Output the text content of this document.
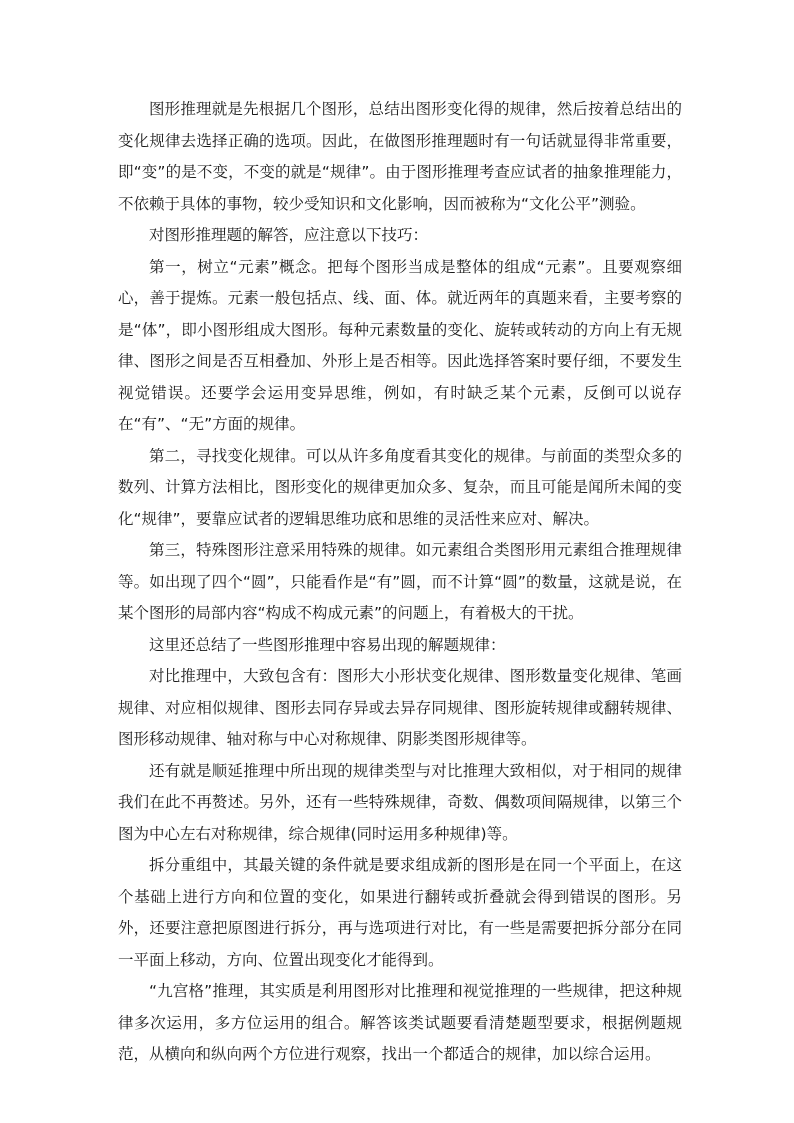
图形推理就是先根据几个图形，总结出图形变化得的规律，然后按着总结出的变化规律去选择正确的选项。因此，在做图形推理题时有一句话就显得非常重要，即“变”的是不变，不变的就是“规律”。由于图形推理考查应试者的抽象推理能力，不依赖于具体的事物，较少受知识和文化影响，因而被称为“文化公平”测验。

对图形推理题的解答，应注意以下技巧：

第一，树立“元素”概念。把每个图形当成是整体的组成“元素”。且要观察细心，善于提炼。元素一般包括点、线、面、体。就近两年的真题来看，主要考察的是“体”，即小图形组成大图形。每种元素数量的变化、旋转或转动的方向上有无规律、图形之间是否互相叠加、外形上是否相等。因此选择答案时要仔细，不要发生视觉错误。还要学会运用变异思维，例如，有时缺乏某个元素，反倒可以说存在“有”、“无”方面的规律。

第二，寻找变化规律。可以从许多角度看其变化的规律。与前面的类型众多的数列、计算方法相比，图形变化的规律更加众多、复杂，而且可能是闻所未闻的变化“规律”，要靠应试者的逻辑思维功底和思维的灵活性来应对、解决。

第三，特殊图形注意采用特殊的规律。如元素组合类图形用元素组合推理规律等。如出现了四个“圆”，只能看作是“有”圆，而不计算“圆”的数量，这就是说，在某个图形的局部内容“构成不构成元素”的问题上，有着极大的干扰。

这里还总结了一些图形推理中容易出现的解题规律：

对比推理中，大致包含有：图形大小形状变化规律、图形数量变化规律、笔画规律、对应相似规律、图形去同存异或去异存同规律、图形旋转规律或翻转规律、图形移动规律、轴对称与中心对称规律、阴影类图形规律等。

还有就是顺延推理中所出现的规律类型与对比推理大致相似，对于相同的规律我们在此不再赘述。另外，还有一些特殊规律，奇数、偶数项间隔规律，以第三个图为中心左右对称规律，综合规律(同时运用多种规律)等。

拆分重组中，其最关键的条件就是要求组成新的图形是在同一个平面上，在这个基础上进行方向和位置的变化，如果进行翻转或折叠就会得到错误的图形。另外，还要注意把原图进行拆分，再与选项进行对比，有一些是需要把拆分部分在同一平面上移动，方向、位置出现变化才能得到。

“九宫格”推理，其实质是利用图形对比推理和视觉推理的一些规律，把这种规律多次运用，多方位运用的组合。解答该类试题要看清楚题型要求，根据例题规范，从横向和纵向两个方位进行观察，找出一个都适合的规律，加以综合运用。
